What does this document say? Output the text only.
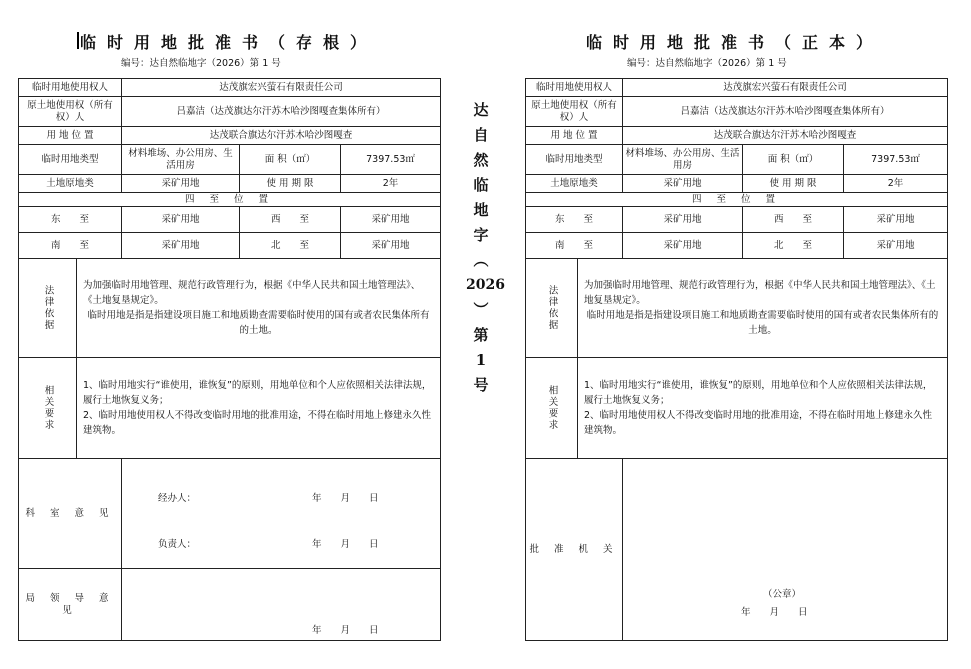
临时用地批准书（存根）
编号：达自然临地字（2026）第 1 号
临时用地使用权人		达茂旗宏兴萤石有限责任公司		
原土地使用权（所有权）人		吕嘉洁（达茂旗达尔汗苏木哈沙图嘎查集体所有）		
用 地 位 置		达茂联合旗达尔汗苏木哈沙图嘎查		
临时用地类型		材料堆场、办公用房、生活用房	面 积（㎡）	7397.53㎡
土地原地类		采矿用地	使 用 期 限	2年
四 至 位 置				
东　　至		采矿用地	西　　至	采矿用地
南　　至		采矿用地	北　　至	采矿用地

法律依据	为加强临时用地管理、规范行政管理行为，根据《中华人民共和国土地管理法》、《土地复垦规定》。

临时用地是指是指建设项目施工和地质勘查需要临时使用的国有或者农民集体所有的土地。			

相关要求	1、临时用地实行“谁使用，谁恢复”的原则，用地单位和个人应依照相关法律法规，履行土地恢复义务；

2、临时用地使用权人不得改变临时用地的批准用途，不得在临时用地上修建永久性建筑物。			

科 室 意 见		经办人： 年　　月　　日
负责人： 年　　月　　日		

局 领 导 意 见		年　　月　　日		
达
自
然
临
地
字
︵
2026
︶
第
1
号
临时用地批准书（正本）
编号：达自然临地字（2026）第 1 号
临时用地使用权人		达茂旗宏兴萤石有限责任公司		
原土地使用权（所有权）人		吕嘉洁（达茂旗达尔汗苏木哈沙图嘎查集体所有）		
用 地 位 置		达茂联合旗达尔汗苏木哈沙图嘎查		
临时用地类型		材料堆场、办公用房、生活用房	面 积（㎡）	7397.53㎡
土地原地类		采矿用地	使 用 期 限	2年
四 至 位 置				
东　　至		采矿用地	西　　至	采矿用地
南　　至		采矿用地	北　　至	采矿用地

法律依据	为加强临时用地管理、规范行政管理行为，根据《中华人民共和国土地管理法》、《土地复垦规定》。

临时用地是指是指建设项目施工和地质勘查需要临时使用的国有或者农民集体所有的土地。			

相关要求	1、临时用地实行“谁使用，谁恢复”的原则，用地单位和个人应依照相关法律法规，履行土地恢复义务；

2、临时用地使用权人不得改变临时用地的批准用途，不得在临时用地上修建永久性建筑物。			

批 准 机 关		（公章）
年　　月　　日		
